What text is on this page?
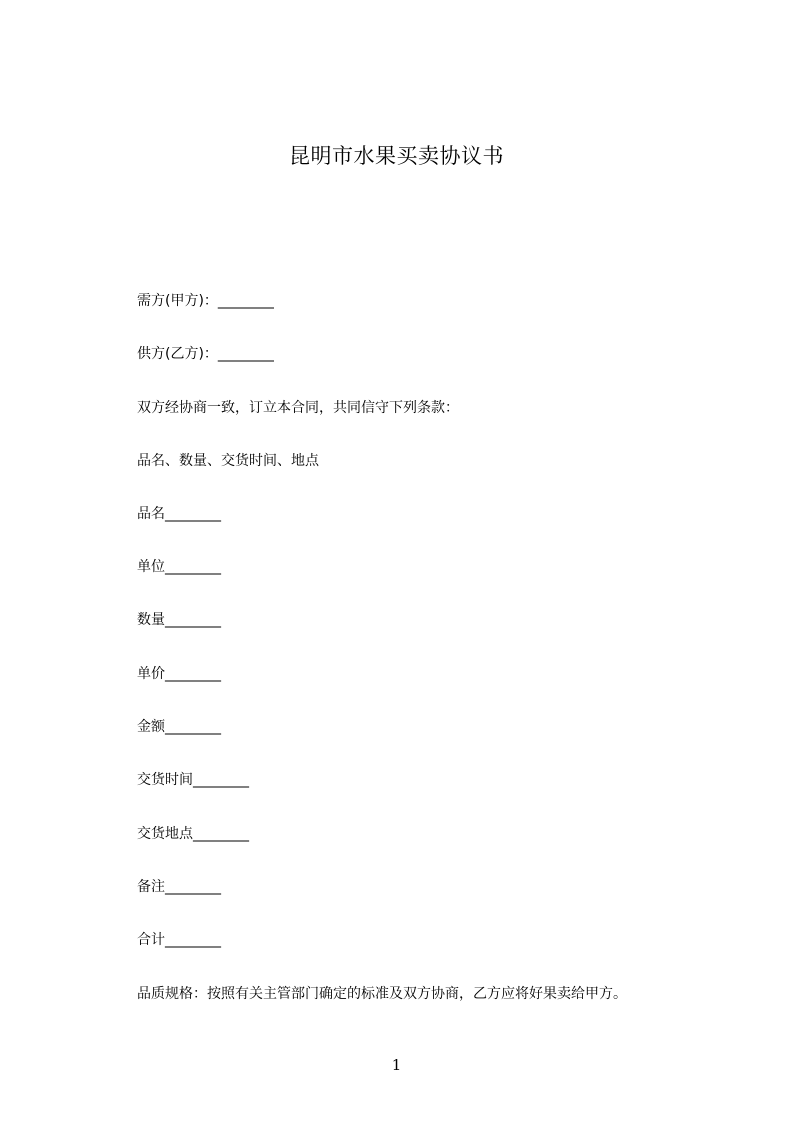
昆明市水果买卖协议书
需方(甲方)：________
供方(乙方)：________
双方经协商一致，订立本合同，共同信守下列条款：
品名、数量、交货时间、地点
品名________
单位________
数量________
单价________
金额________
交货时间________
交货地点________
备注________
合计________
品质规格：按照有关主管部门确定的标准及双方协商，乙方应将好果卖给甲方。
1
